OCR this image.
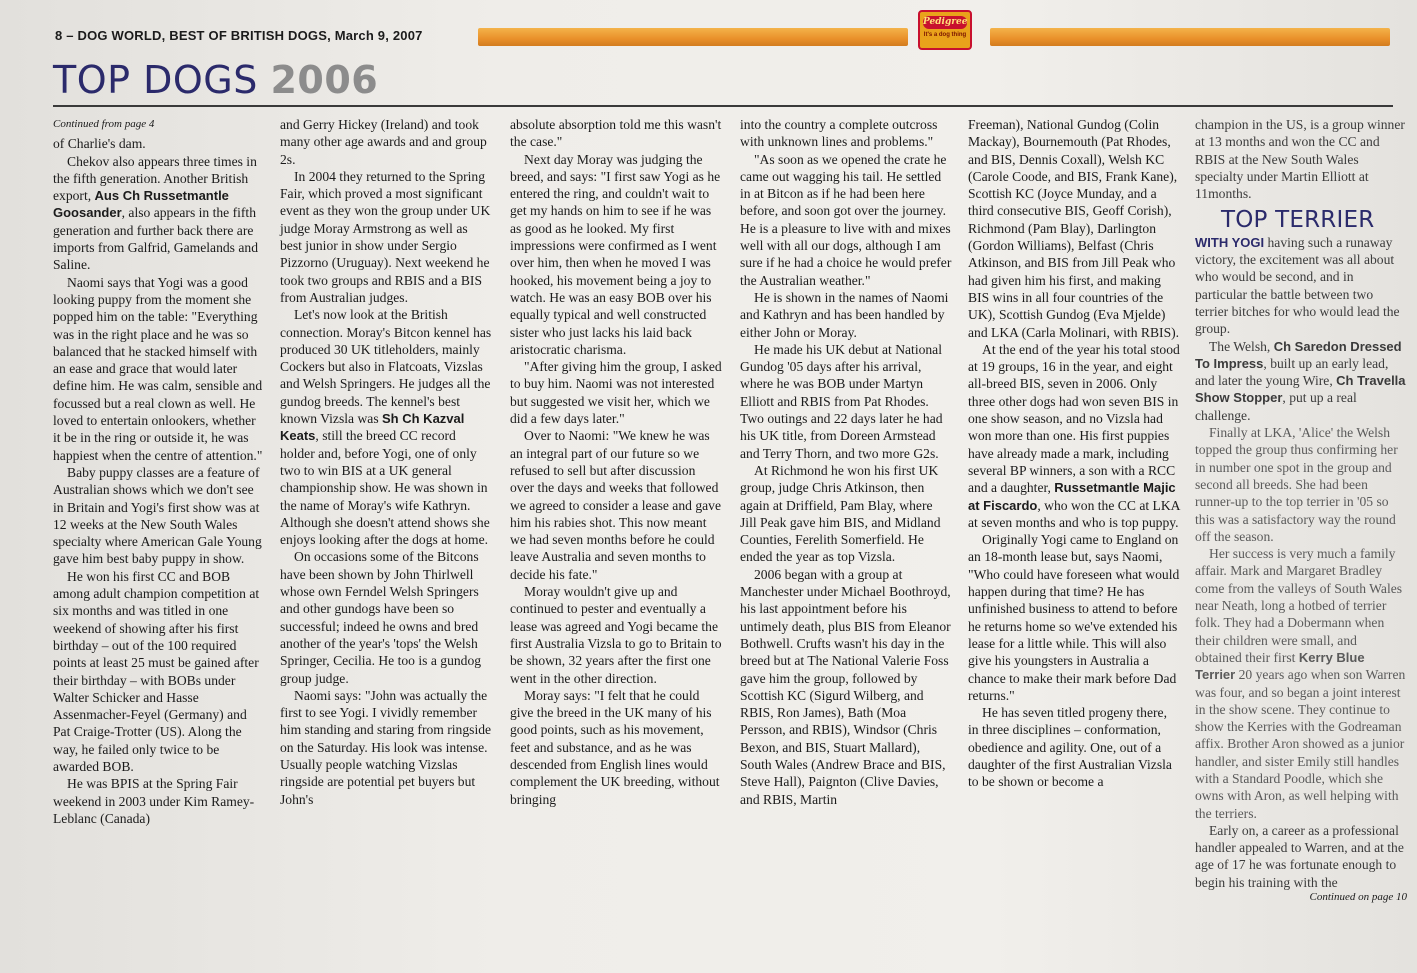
8 – DOG WORLD, BEST OF BRITISH DOGS, March 9, 2007
Pedigree
It's a dog thing
TOP DOGS 2006
Continued from page 4

of Charlie's dam.

Chekov also appears three times in the fifth generation. Another British export, Aus Ch Russetmantle Goosander, also appears in the fifth generation and further back there are imports from Galfrid, Gamelands and Saline.

Naomi says that Yogi was a good looking puppy from the moment she popped him on the table: "Everything was in the right place and he was so balanced that he stacked himself with an ease and grace that would later define him. He was calm, sensible and focussed but a real clown as well. He loved to entertain onlookers, whether it be in the ring or outside it, he was happiest when the centre of attention."

Baby puppy classes are a feature of Australian shows which we don't see in Britain and Yogi's first show was at 12 weeks at the New South Wales specialty where American Gale Young gave him best baby puppy in show.

He won his first CC and BOB among adult champion competition at six months and was titled in one weekend of showing after his first birthday – out of the 100 required points at least 25 must be gained after their birthday – with BOBs under Walter Schicker and Hasse Assenmacher-Feyel (Germany) and Pat Craige-Trotter (US). Along the way, he failed only twice to be awarded BOB.

He was BPIS at the Spring Fair weekend in 2003 under Kim Ramey-Leblanc (Canada)

and Gerry Hickey (Ireland) and took many other age awards and and group 2s.

In 2004 they returned to the Spring Fair, which proved a most significant event as they won the group under UK judge Moray Armstrong as well as best junior in show under Sergio Pizzorno (Uruguay). Next weekend he took two groups and RBIS and a BIS from Australian judges.

Let's now look at the British connection. Moray's Bitcon kennel has produced 30 UK titleholders, mainly Cockers but also in Flatcoats, Vizslas and Welsh Springers. He judges all the gundog breeds. The kennel's best known Vizsla was Sh Ch Kazval Keats, still the breed CC record holder and, before Yogi, one of only two to win BIS at a UK general championship show. He was shown in the name of Moray's wife Kathryn. Although she doesn't attend shows she enjoys looking after the dogs at home.

On occasions some of the Bitcons have been shown by John Thirlwell whose own Ferndel Welsh Springers and other gundogs have been so successful; indeed he owns and bred another of the year's 'tops' the Welsh Springer, Cecilia. He too is a gundog group judge.

Naomi says: "John was actually the first to see Yogi. I vividly remember him standing and staring from ringside on the Saturday. His look was intense. Usually people watching Vizslas ringside are potential pet buyers but John's

absolute absorption told me this wasn't the case."

Next day Moray was judging the breed, and says: "I first saw Yogi as he entered the ring, and couldn't wait to get my hands on him to see if he was as good as he looked. My first impressions were confirmed as I went over him, then when he moved I was hooked, his movement being a joy to watch. He was an easy BOB over his equally typical and well constructed sister who just lacks his laid back aristocratic charisma.

"After giving him the group, I asked to buy him. Naomi was not interested but suggested we visit her, which we did a few days later."

Over to Naomi: "We knew he was an integral part of our future so we refused to sell but after discussion over the days and weeks that followed we agreed to consider a lease and gave him his rabies shot. This now meant we had seven months before he could leave Australia and seven months to decide his fate."

Moray wouldn't give up and continued to pester and eventually a lease was agreed and Yogi became the first Australia Vizsla to go to Britain to be shown, 32 years after the first one went in the other direction.

Moray says: "I felt that he could give the breed in the UK many of his good points, such as his movement, feet and substance, and as he was descended from English lines would complement the UK breeding, without bringing

into the country a complete outcross with unknown lines and problems."

"As soon as we opened the crate he came out wagging his tail. He settled in at Bitcon as if he had been here before, and soon got over the journey. He is a pleasure to live with and mixes well with all our dogs, although I am sure if he had a choice he would prefer the Australian weather."

He is shown in the names of Naomi and Kathryn and has been handled by either John or Moray.

He made his UK debut at National Gundog '05 days after his arrival, where he was BOB under Martyn Elliott and RBIS from Pat Rhodes. Two outings and 22 days later he had his UK title, from Doreen Armstead and Terry Thorn, and two more G2s.

At Richmond he won his first UK group, judge Chris Atkinson, then again at Driffield, Pam Blay, where Jill Peak gave him BIS, and Midland Counties, Ferelith Somerfield. He ended the year as top Vizsla.

2006 began with a group at Manchester under Michael Boothroyd, his last appointment before his untimely death, plus BIS from Eleanor Bothwell. Crufts wasn't his day in the breed but at The National Valerie Foss gave him the group, followed by Scottish KC (Sigurd Wilberg, and RBIS, Ron James), Bath (Moa Persson, and RBIS), Windsor (Chris Bexon, and BIS, Stuart Mallard), South Wales (Andrew Brace and BIS, Steve Hall), Paignton (Clive Davies, and RBIS, Martin

Freeman), National Gundog (Colin Mackay), Bournemouth (Pat Rhodes, and BIS, Dennis Coxall), Welsh KC (Carole Coode, and BIS, Frank Kane), Scottish KC (Joyce Munday, and a third consecutive BIS, Geoff Corish), Richmond (Pam Blay), Darlington (Gordon Williams), Belfast (Chris Atkinson, and BIS from Jill Peak who had given him his first, and making BIS wins in all four countries of the UK), Scottish Gundog (Eva Mjelde) and LKA (Carla Molinari, with RBIS).

At the end of the year his total stood at 19 groups, 16 in the year, and eight all-breed BIS, seven in 2006. Only three other dogs had won seven BIS in one show season, and no Vizsla had won more than one. His first puppies have already made a mark, including several BP winners, a son with a RCC and a daughter, Russetmantle Majic at Fiscardo, who won the CC at LKA at seven months and who is top puppy.

Originally Yogi came to England on an 18-month lease but, says Naomi, "Who could have foreseen what would happen during that time? He has unfinished business to attend to before he returns home so we've extended his lease for a little while. This will also give his youngsters in Australia a chance to make their mark before Dad returns."

He has seven titled progeny there, in three disciplines – conformation, obedience and agility. One, out of a daughter of the first Australian Vizsla to be shown or become a

champion in the US, is a group winner at 13 months and won the CC and RBIS at the New South Wales specialty under Martin Elliott at 11months.

TOP TERRIER

WITH YOGI having such a runaway victory, the excitement was all about who would be second, and in particular the battle between two terrier bitches for who would lead the group.

The Welsh, Ch Saredon Dressed To Impress, built up an early lead, and later the young Wire, Ch Travella Show Stopper, put up a real challenge.

Finally at LKA, 'Alice' the Welsh topped the group thus confirming her in number one spot in the group and second all breeds. She had been runner-up to the top terrier in '05 so this was a satisfactory way the round off the season.

Her success is very much a family affair. Mark and Margaret Bradley come from the valleys of South Wales near Neath, long a hotbed of terrier folk. They had a Dobermann when their children were small, and obtained their first Kerry Blue Terrier 20 years ago when son Warren was four, and so began a joint interest in the show scene. They continue to show the Kerries with the Godreaman affix. Brother Aron showed as a junior handler, and sister Emily still handles with a Standard Poodle, which she owns with Aron, as well helping with the terriers.

Early on, a career as a professional handler appealed to Warren, and at the age of 17 he was fortunate enough to begin his training with the

Continued on page 10
